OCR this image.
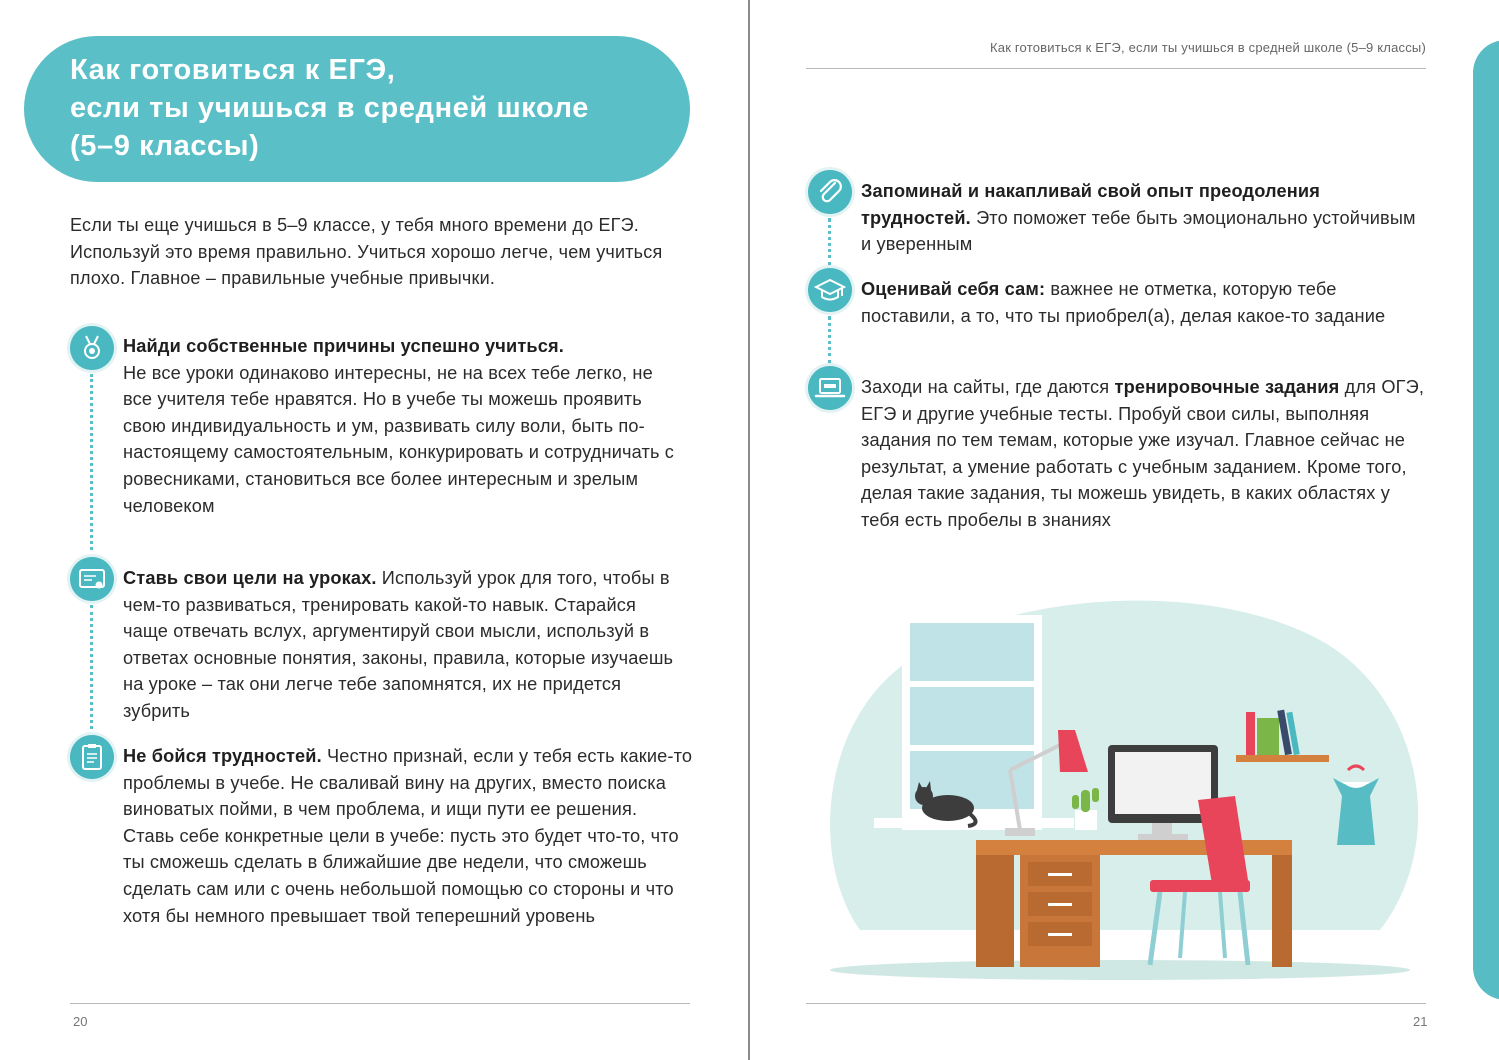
Как готовиться к ЕГЭ,
если ты учишься в средней школе
(5–9 классы)

Если ты еще учишься в 5–9 классе, у тебя много времени до ЕГЭ. Используй это время правильно. Учиться хорошо легче, чем учиться плохо. Главное – правильные учебные привычки.

Найди собственные причины успешно учиться.
Не все уроки одинаково интересны, не на всех тебе легко, не все учителя тебе нравятся. Но в учебе ты можешь проявить свою индивидуальность и ум, развивать силу воли, быть по-настоящему самостоятельным, конкурировать и сотрудничать с ровесниками, становиться все более интересным и зрелым человеком

Ставь свои цели на уроках. Используй урок для того, чтобы в чем-то развиваться, тренировать какой-то навык. Старайся чаще отвечать вслух, аргументируй свои мысли, используй в ответах основные понятия, законы, правила, которые изучаешь на уроке – так они легче тебе запомнятся, их не придется зубрить

Не бойся трудностей. Честно признай, если у тебя есть какие-то проблемы в учебе. Не сваливай вину на других, вместо поиска виноватых пойми, в чем проблема, и ищи пути ее решения. Ставь себе конкретные цели в учебе: пусть это будет что-то, что ты сможешь сделать в ближайшие две недели, что сможешь сделать сам или с очень небольшой помощью со стороны и что хотя бы немного превышает твой теперешний уровень

20
Как готовиться к ЕГЭ, если ты учишься в средней школе (5–9 классы)

Запоминай и накапливай свой опыт преодоления трудностей. Это поможет тебе быть эмоционально устойчивым и уверенным

Оценивай себя сам: важнее не отметка, которую тебе поставили, а то, что ты приобрел(а), делая какое-то задание

Заходи на сайты, где даются тренировочные задания для ОГЭ, ЕГЭ и другие учебные тесты. Пробуй свои силы, выполняя задания по тем темам, которые уже изучал. Главное сейчас не результат, а умение работать с учебным заданием. Кроме того, делая такие задания, ты можешь увидеть, в каких областях у тебя есть пробелы в знаниях

21
